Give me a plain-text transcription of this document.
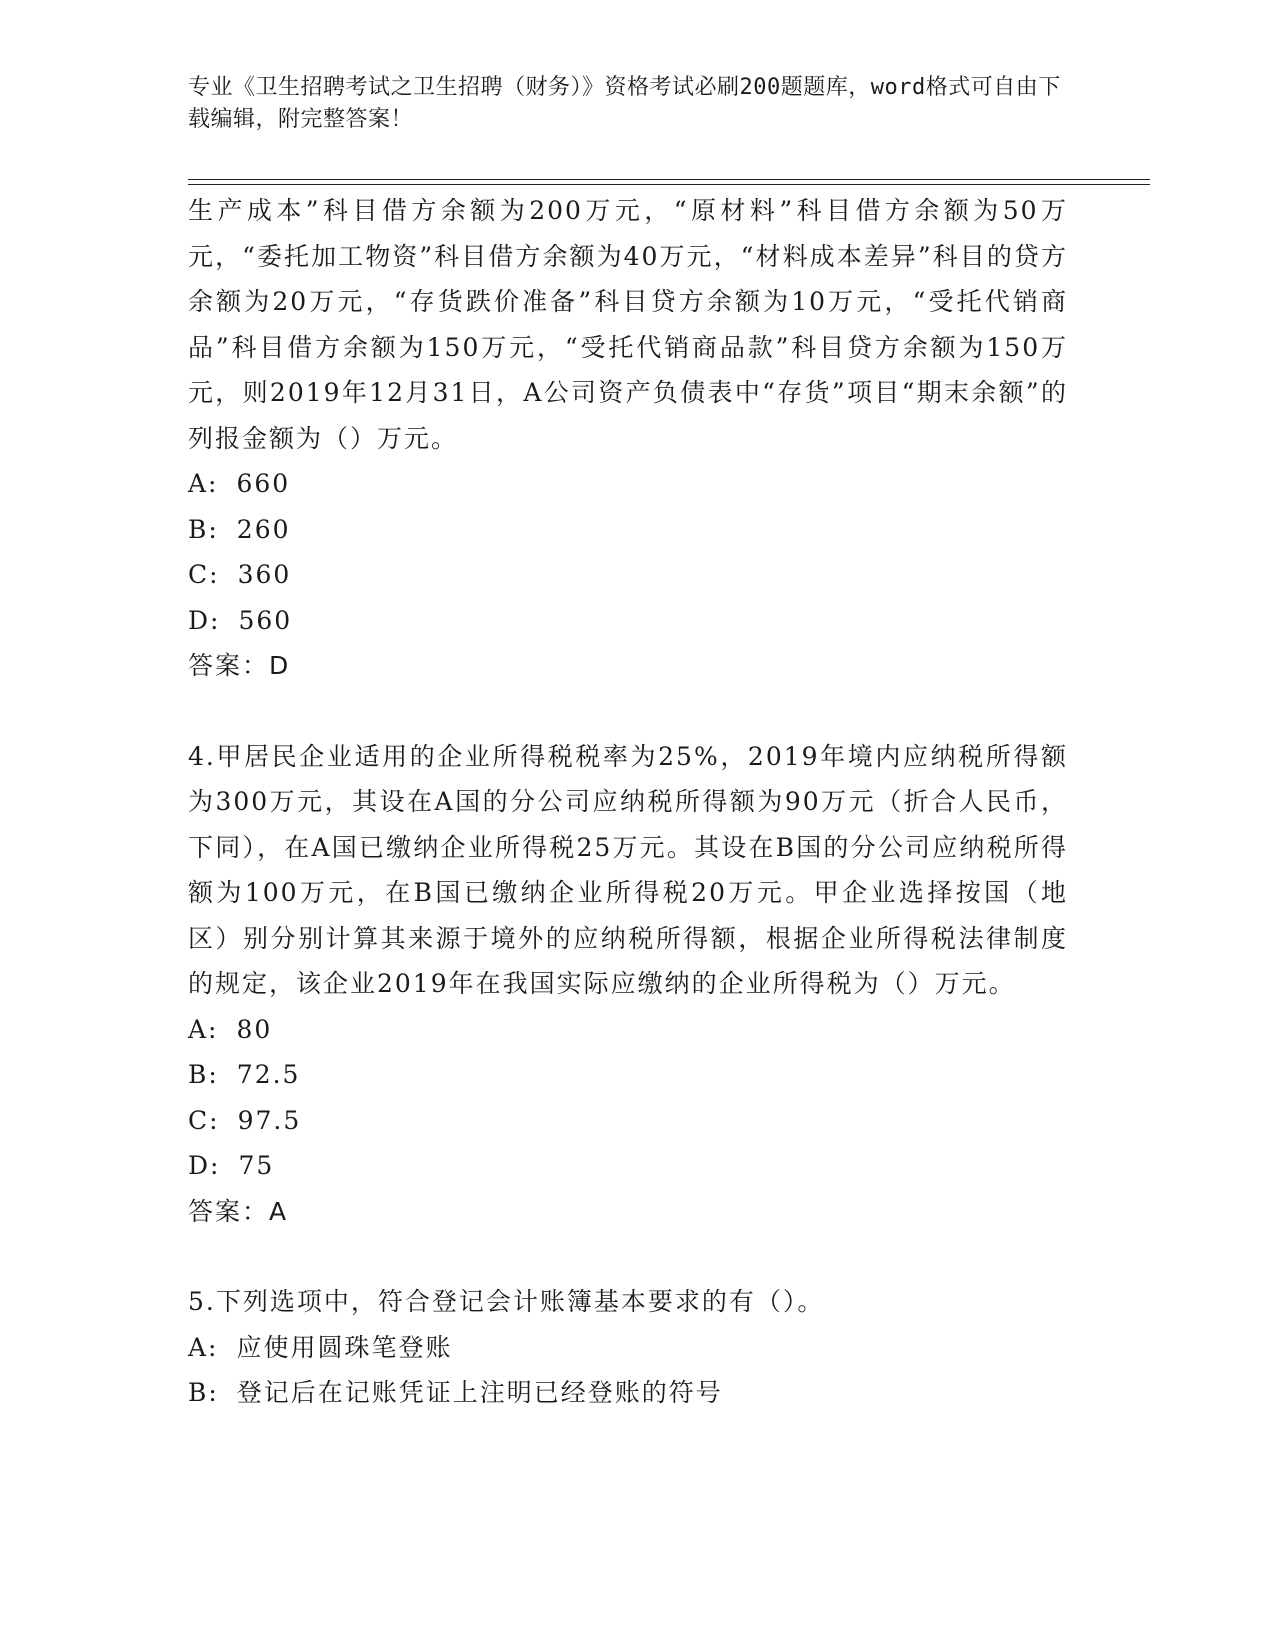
专业《卫生招聘考试之卫生招聘（财务）》资格考试必刷200题题库，word格式可自由下载编辑，附完整答案！

生产成本”科目借方余额为200万元，“原材料”科目借方余额为50万元，“委托加工物资”科目借方余额为40万元，“材料成本差异”科目的贷方余额为20万元，“存货跌价准备”科目贷方余额为10万元，“受托代销商品”科目借方余额为150万元，“受托代销商品款”科目贷方余额为150万元，则2019年12月31日，A公司资产负债表中“存货”项目“期末余额”的列报金额为（）万元。

A: 660

B: 260

C: 360

D: 560

答案：D

4.甲居民企业适用的企业所得税税率为25%，2019年境内应纳税所得额为300万元，其设在A国的分公司应纳税所得额为90万元（折合人民币，下同），在A国已缴纳企业所得税25万元。其设在B国的分公司应纳税所得额为100万元，在B国已缴纳企业所得税20万元。甲企业选择按国（地区）别分别计算其来源于境外的应纳税所得额，根据企业所得税法律制度的规定，该企业2019年在我国实际应缴纳的企业所得税为（）万元。

A: 80

B: 72.5

C: 97.5

D: 75

答案：A

5.下列选项中，符合登记会计账簿基本要求的有（）。

A: 应使用圆珠笔登账

B: 登记后在记账凭证上注明已经登账的符号
